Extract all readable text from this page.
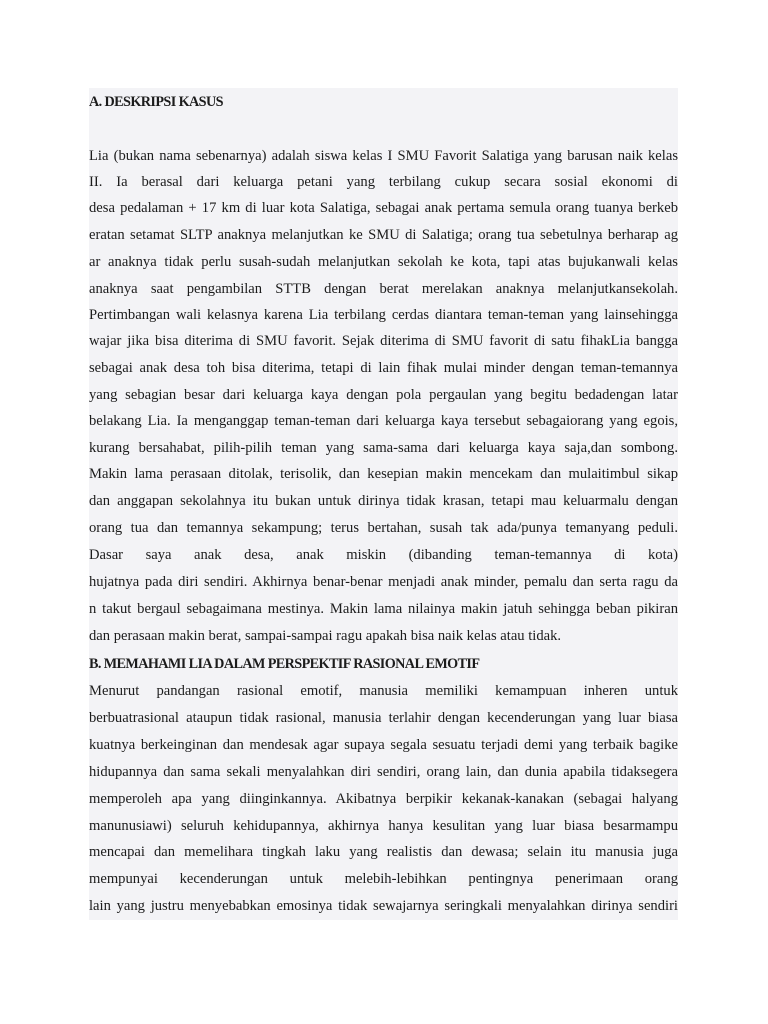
A. DESKRIPSI KASUS
Lia (bukan nama sebenarnya) adalah siswa kelas I SMU Favorit Salatiga yang barusan naik kelas
II. Ia berasal dari keluarga petani yang terbilang cukup secara sosial ekonomi di
desa pedalaman + 17 km di luar kota Salatiga, sebagai anak pertama semula orang tuanya berkeb
eratan setamat SLTP anaknya melanjutkan ke SMU di Salatiga; orang tua sebetulnya berharap ag
ar anaknya tidak perlu susah-sudah melanjutkan sekolah ke kota, tapi atas bujukanwali kelas
anaknya saat pengambilan STTB dengan berat merelakan anaknya melanjutkansekolah.
Pertimbangan wali kelasnya karena Lia terbilang cerdas diantara teman-teman yang lainsehingga
wajar jika bisa diterima di SMU favorit. Sejak diterima di SMU favorit di satu fihakLia bangga
sebagai anak desa toh bisa diterima, tetapi di lain fihak mulai minder dengan teman-temannya
yang sebagian besar dari keluarga kaya dengan pola pergaulan yang begitu bedadengan latar
belakang Lia. Ia menganggap teman-teman dari keluarga kaya tersebut sebagaiorang yang egois,
kurang bersahabat, pilih-pilih teman yang sama-sama dari keluarga kaya saja,dan sombong.
Makin lama perasaan ditolak, terisolik, dan kesepian makin mencekam dan mulaitimbul sikap
dan anggapan sekolahnya itu bukan untuk dirinya tidak krasan, tetapi mau keluarmalu dengan
orang tua dan temannya sekampung; terus bertahan, susah tak ada/punya temanyang peduli.
Dasar saya anak desa, anak miskin (dibanding teman-temannya di kota)
hujatnya pada diri sendiri. Akhirnya benar-benar menjadi anak minder, pemalu dan serta ragu da
n takut bergaul sebagaimana mestinya. Makin lama nilainya makin jatuh sehingga beban pikiran
dan perasaan makin berat, sampai-sampai ragu apakah bisa naik kelas atau tidak.
B. MEMAHAMI LIA DALAM PERSPEKTIF RASIONAL EMOTIF
Menurut pandangan rasional emotif, manusia memiliki kemampuan inheren untuk
berbuatrasional ataupun tidak rasional, manusia terlahir dengan kecenderungan yang luar biasa
kuatnya berkeinginan dan mendesak agar supaya segala sesuatu terjadi demi yang terbaik bagike
hidupannya dan sama sekali menyalahkan diri sendiri, orang lain, dan dunia apabila tidaksegera
memperoleh apa yang diinginkannya. Akibatnya berpikir kekanak-kanakan (sebagai halyang
manunusiawi) seluruh kehidupannya, akhirnya hanya kesulitan yang luar biasa besarmampu
mencapai dan memelihara tingkah laku yang realistis dan dewasa; selain itu manusia juga
mempunyai kecenderungan untuk melebih-lebihkan pentingnya penerimaan orang
lain yang justru menyebabkan emosinya tidak sewajarnya seringkali menyalahkan dirinya sendiri
